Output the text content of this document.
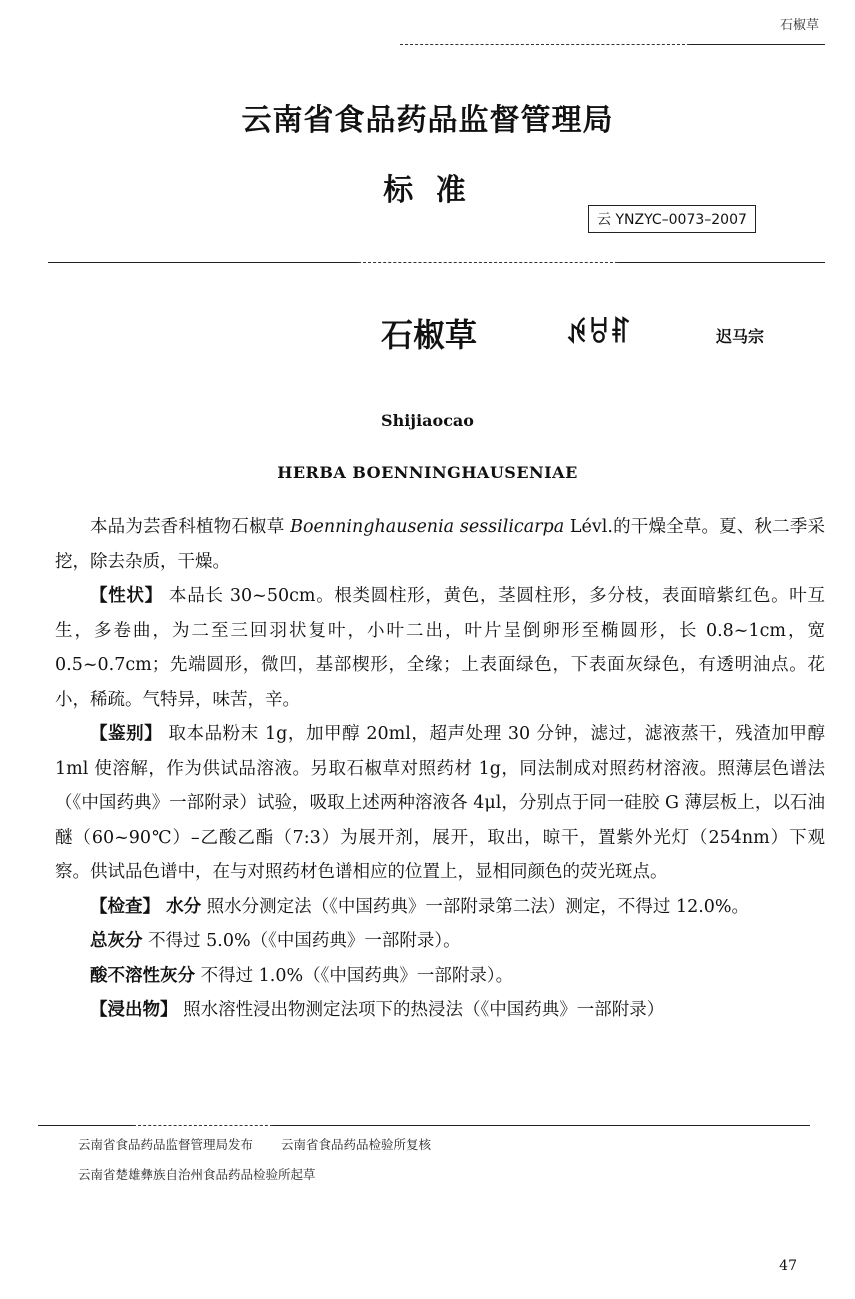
石椒草
云南省食品药品监督管理局
标 准
云 YNZYC–0073–2007
石椒草	ꉌꀞꐥ	迟马宗
Shijiaocao
HERBA BOENNINGHAUSENIAE

本品为芸香科植物石椒草 Boenninghausenia sessilicarpa Lévl.的干燥全草。夏、秋二季采挖，除去杂质，干燥。

【性状】 本品长 30~50cm。根类圆柱形，黄色，茎圆柱形，多分枝，表面暗紫红色。叶互生，多卷曲，为二至三回羽状复叶，小叶二出，叶片呈倒卵形至椭圆形，长 0.8~1cm，宽 0.5~0.7cm；先端圆形，微凹，基部楔形，全缘；上表面绿色，下表面灰绿色，有透明油点。花小，稀疏。气特异，味苦，辛。

【鉴别】 取本品粉末 1g，加甲醇 20ml，超声处理 30 分钟，滤过，滤液蒸干，残渣加甲醇 1ml 使溶解，作为供试品溶液。另取石椒草对照药材 1g，同法制成对照药材溶液。照薄层色谱法（《中国药典》一部附录）试验，吸取上述两种溶液各 4μl，分别点于同一硅胶 G 薄层板上，以石油醚（60~90℃）–乙酸乙酯（7:3）为展开剂，展开，取出，晾干，置紫外光灯（254nm）下观察。供试品色谱中，在与对照药材色谱相应的位置上，显相同颜色的荧光斑点。

【检查】 水分 照水分测定法（《中国药典》一部附录第二法）测定，不得过 12.0%。

总灰分 不得过 5.0%（《中国药典》一部附录）。

酸不溶性灰分 不得过 1.0%（《中国药典》一部附录）。

【浸出物】 照水溶性浸出物测定法项下的热浸法（《中国药典》一部附录）

云南省食品药品监督管理局发布 云南省食品药品检验所复核
云南省楚雄彝族自治州食品药品检验所起草
47
